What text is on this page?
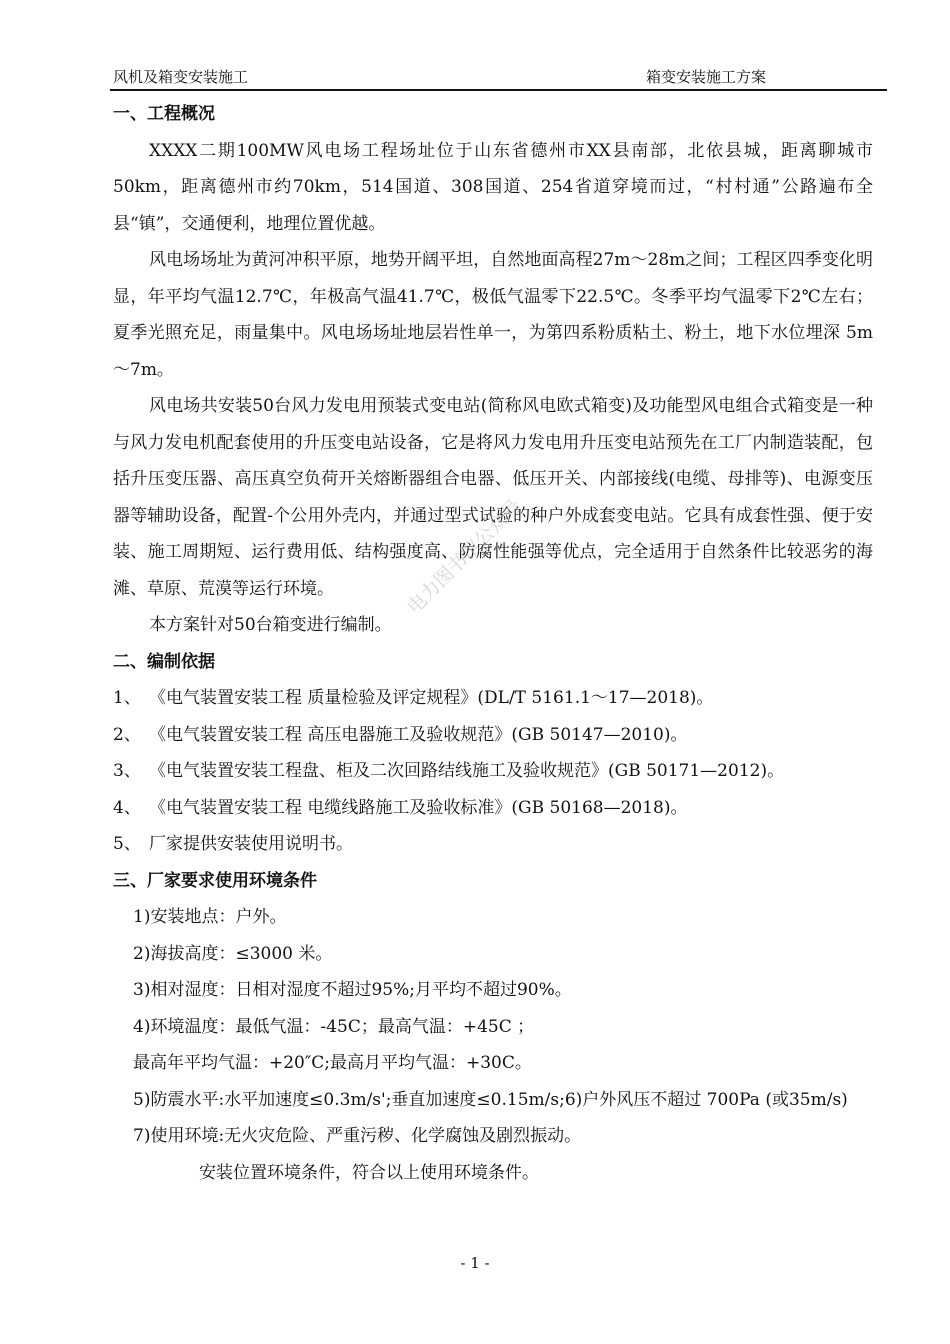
风机及箱变安装施工	箱变安装施工方案

一、工程概况

XXXX二期100MW风电场工程场址位于山东省德州市XX县南部，北依县城，距离聊城市50km，距离德州市约70km，514国道、308国道、254省道穿境而过，“村村通”公路遍布全县“镇”，交通便利，地理位置优越。

风电场场址为黄河冲积平原，地势开阔平坦，自然地面高程27m～28m之间；工程区四季变化明显，年平均气温12.7℃，年极高气温41.7℃，极低气温零下22.5℃。冬季平均气温零下2℃左右；夏季光照充足，雨量集中。风电场场址地层岩性单一，为第四系粉质粘土、粉土，地下水位埋深 5m～7m。

风电场共安装50台风力发电用预装式变电站(简称风电欧式箱变)及功能型风电组合式箱变是一种与风力发电机配套使用的升压变电站设备，它是将风力发电用升压变电站预先在工厂内制造装配，包括升压变压器、高压真空负荷开关熔断器组合电器、低压开关、内部接线(电缆、母排等)、电源变压器等辅助设备，配置-个公用外壳内，并通过型式试验的种户外成套变电站。它具有成套性强、便于安装、施工周期短、运行费用低、结构强度高、防腐性能强等优点，完全适用于自然条件比较恶劣的海滩、草原、荒漠等运行环境。

本方案针对50台箱变进行编制。

二、编制依据

1、 《电气装置安装工程 质量检验及评定规程》(DL/T 5161.1～17—2018)。

2、 《电气装置安装工程 高压电器施工及验收规范》(GB 50147—2010)。

3、 《电气装置安装工程盘、柜及二次回路结线施工及验收规范》(GB 50171—2012)。

4、 《电气装置安装工程 电缆线路施工及验收标准》(GB 50168—2018)。

5、 厂家提供安装使用说明书。

三、厂家要求使用环境条件

1)安装地点：户外。

2)海拔高度：≤3000 米。

3)相对湿度：日相对湿度不超过95%;月平均不超过90%。

4)环境温度：最低气温：-45C；最高气温：+45C ；

最高年平均气温：+20″C;最高月平均气温：+30C。

5)防震水平:水平加速度≤0.3m/s';垂直加速度≤0.15m/s;6)户外风压不超过 700Pa (或35m/s)

7)使用环境:无火灾危险、严重污秽、化学腐蚀及剧烈振动。

安装位置环境条件，符合以上使用环境条件。

电力图书馆公众号
- 1 -
